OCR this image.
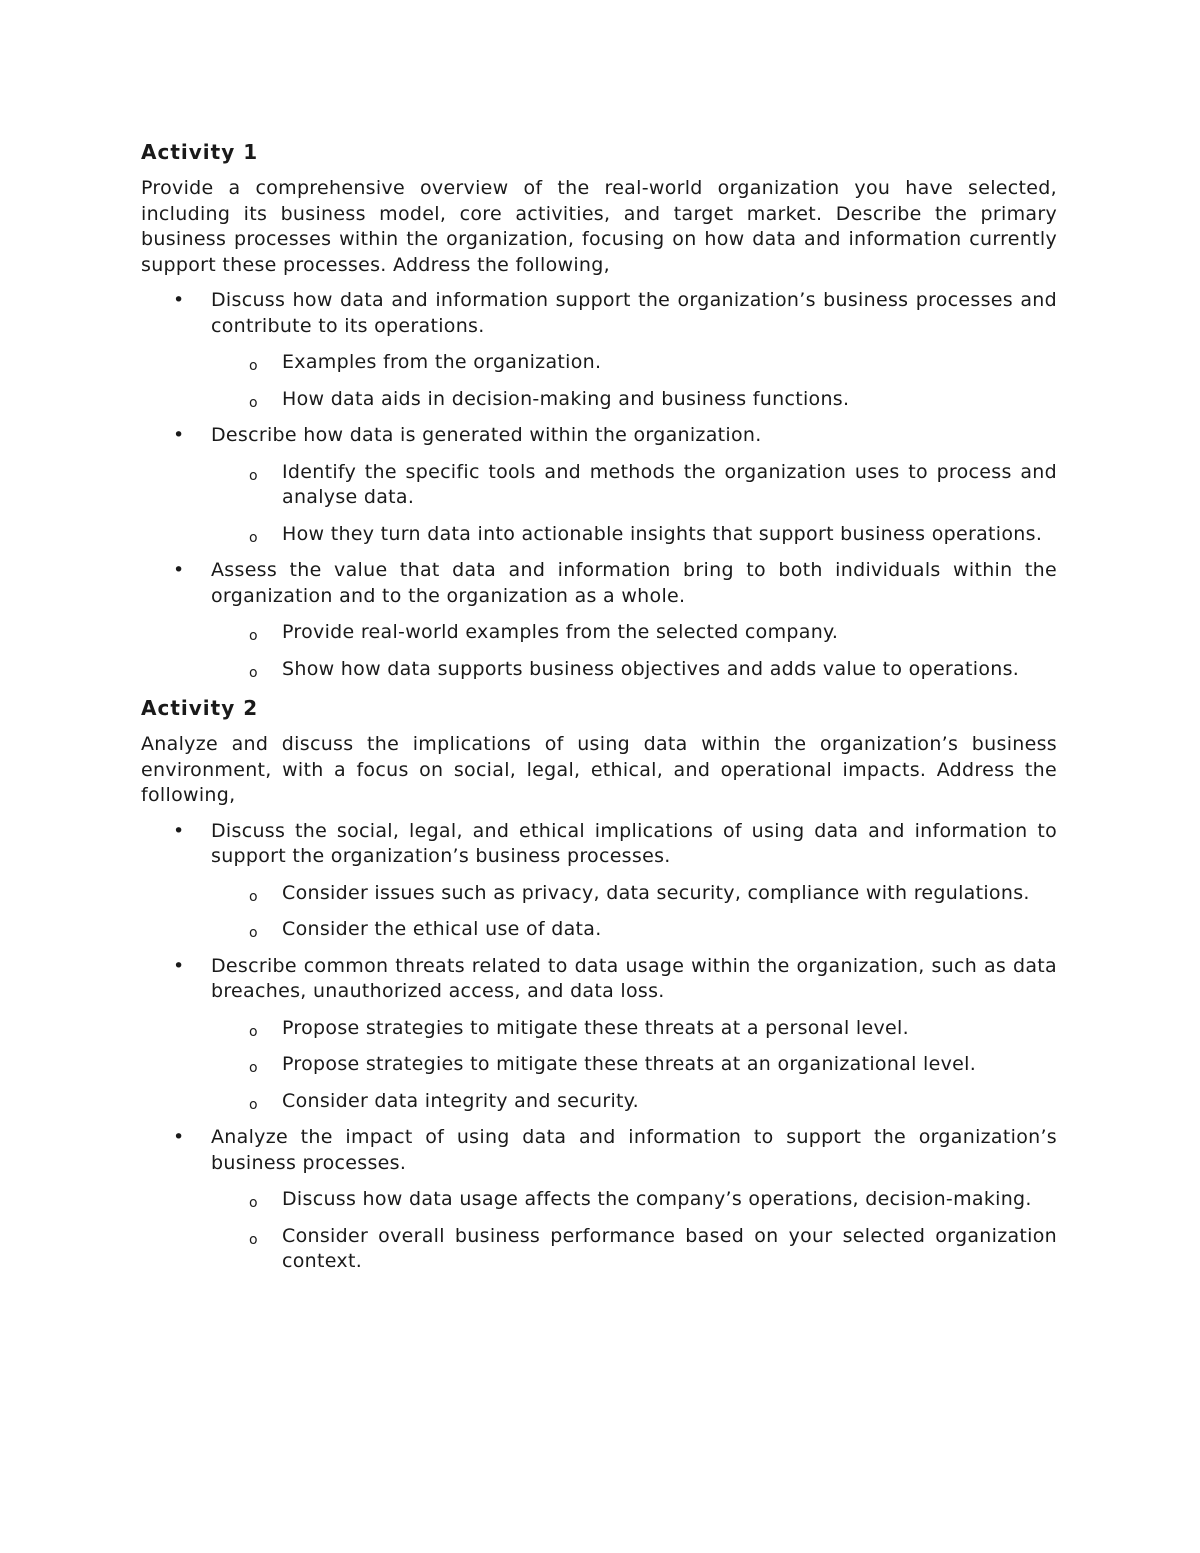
Activity 1
Provide a comprehensive overview of the real-world organization you have selected, including its business model, core activities, and target market. Describe the primary business processes within the organization, focusing on how data and information currently support these processes. Address the following,
• Discuss how data and information support the organization’s business processes and contribute to its operations.
o Examples from the organization.
o How data aids in decision-making and business functions.
• Describe how data is generated within the organization.
o Identify the specific tools and methods the organization uses to process and analyse data.
o How they turn data into actionable insights that support business operations.
• Assess the value that data and information bring to both individuals within the organization and to the organization as a whole.
o Provide real-world examples from the selected company.
o Show how data supports business objectives and adds value to operations.
Activity 2
Analyze and discuss the implications of using data within the organization’s business environment, with a focus on social, legal, ethical, and operational impacts. Address the following,
• Discuss the social, legal, and ethical implications of using data and information to support the organization’s business processes.
o Consider issues such as privacy, data security, compliance with regulations.
o Consider the ethical use of data.
• Describe common threats related to data usage within the organization, such as data breaches, unauthorized access, and data loss.
o Propose strategies to mitigate these threats at a personal level.
o Propose strategies to mitigate these threats at an organizational level.
o Consider data integrity and security.
• Analyze the impact of using data and information to support the organization’s business processes.
o Discuss how data usage affects the company’s operations, decision-making.
o Consider overall business performance based on your selected organization context.
